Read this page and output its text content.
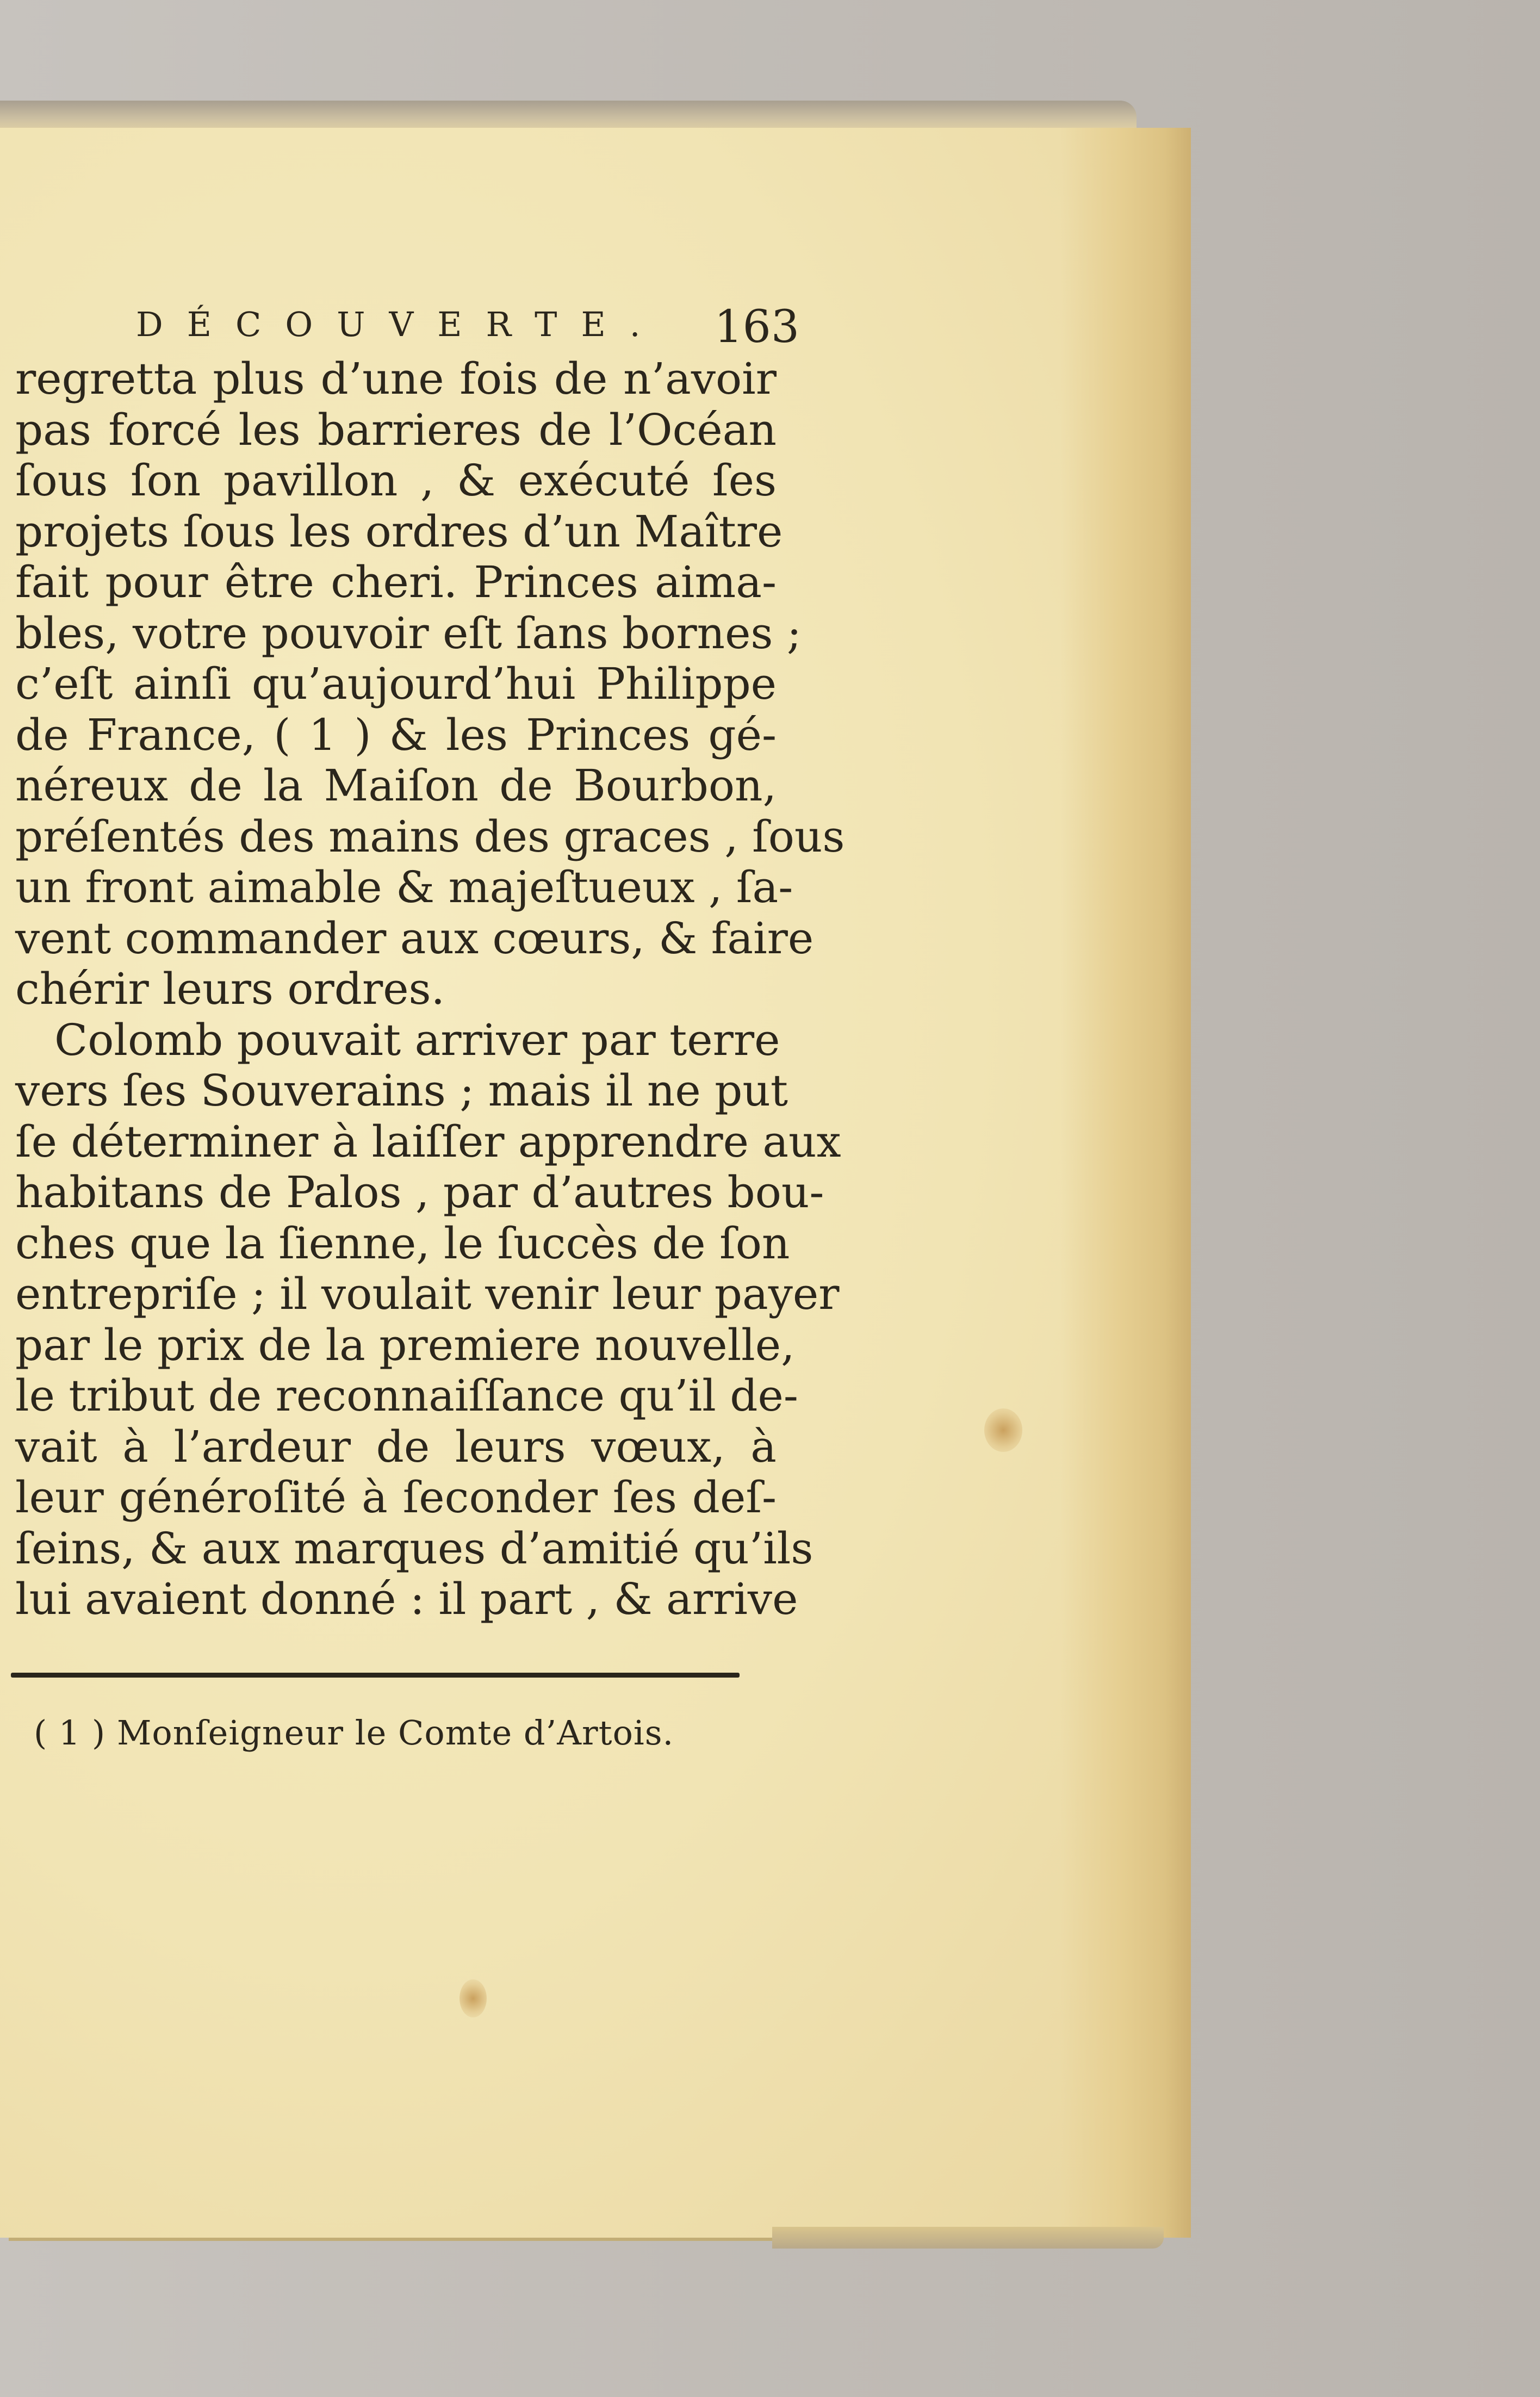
DÉCOUVERTE. 163
regretta plus d’une fois de n’avoir
pas forcé les barrieres de l’Océan
ſous ſon pavillon , & exécuté ſes
projets ſous les ordres d’un Maître
fait pour être cheri. Princes aima-
bles, votre pouvoir eſt ſans bornes ;
c’eſt ainſi qu’aujourd’hui Philippe
de France, ( 1 ) & les Princes gé-
néreux de la Maiſon de Bourbon,
préſentés des mains des graces , ſous
un front aimable & majeſtueux , ſa-
vent commander aux cœurs, & faire
chérir leurs ordres.
Colomb pouvait arriver par terre
vers ſes Souverains ; mais il ne put
ſe déterminer à laiſſer apprendre aux
habitans de Palos , par d’autres bou-
ches que la ſienne, le ſuccès de ſon
entrepriſe ; il voulait venir leur payer
par le prix de la premiere nouvelle,
le tribut de reconnaiſſance qu’il de-
vait à l’ardeur de leurs vœux, à
leur générοſité à ſeconder ſes deſ-
ſeins, & aux marques d’amitié qu’ils
lui avaient donné : il part , & arrive
( 1 ) Monſeigneur le Comte d’Artois.
